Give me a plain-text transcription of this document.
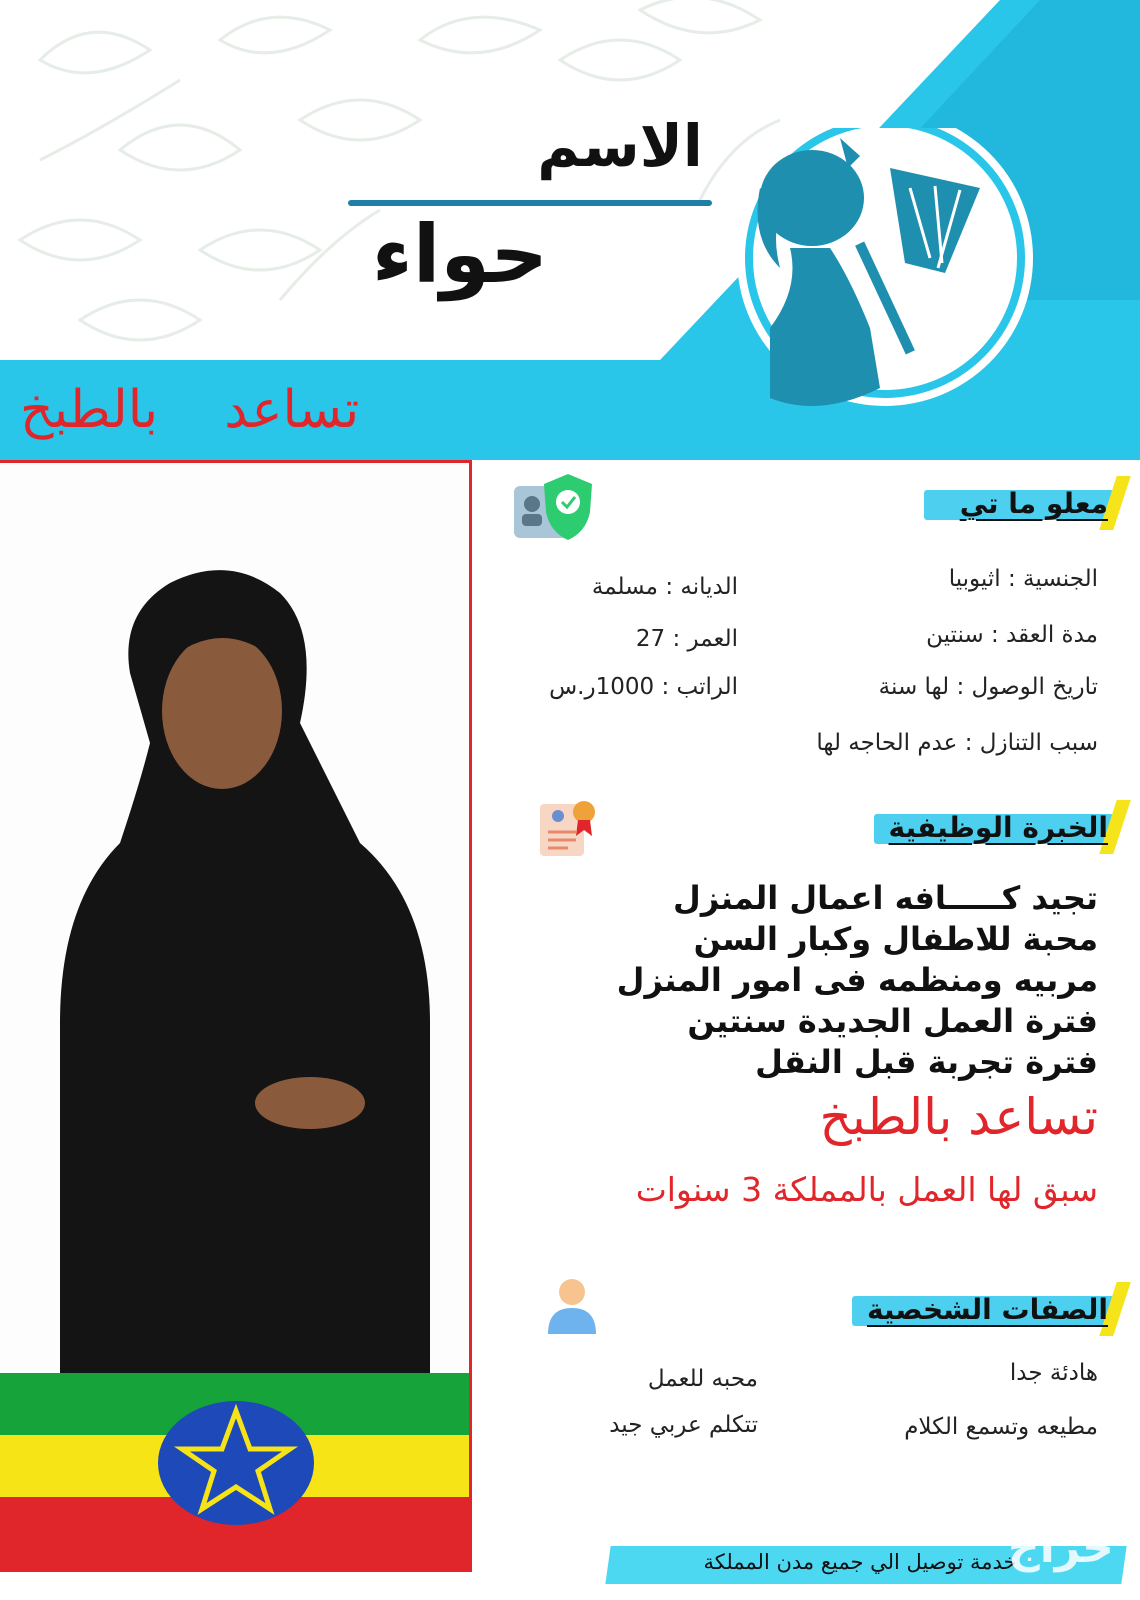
الاسم
حواء
تساعد    بالطبخ
معلو ما تي
الجنسية : اثيوبيا
الديانه : مسلمة
مدة العقد : سنتين
العمر : 27
تاريخ الوصول : لها سنة
الراتب : 1000ر.س
سبب التنازل : عدم الحاجه لها
الخبرة الوظيفية
تجيد كـــــافه اعمال المنزل
محبة للاطفال وكبار السن
مربيه ومنظمه فى امور المنزل
فترة العمل الجديدة سنتين
فترة تجربة قبل النقل
تساعد بالطبخ
سبق لها العمل بالمملكة 3 سنوات
الصفات الشخصية
هادئة جدا
محبه للعمل
مطيعه وتسمع الكلام
تتكلم عربي جيد
خدمة توصيل الي جميع مدن المملكة
حراج
